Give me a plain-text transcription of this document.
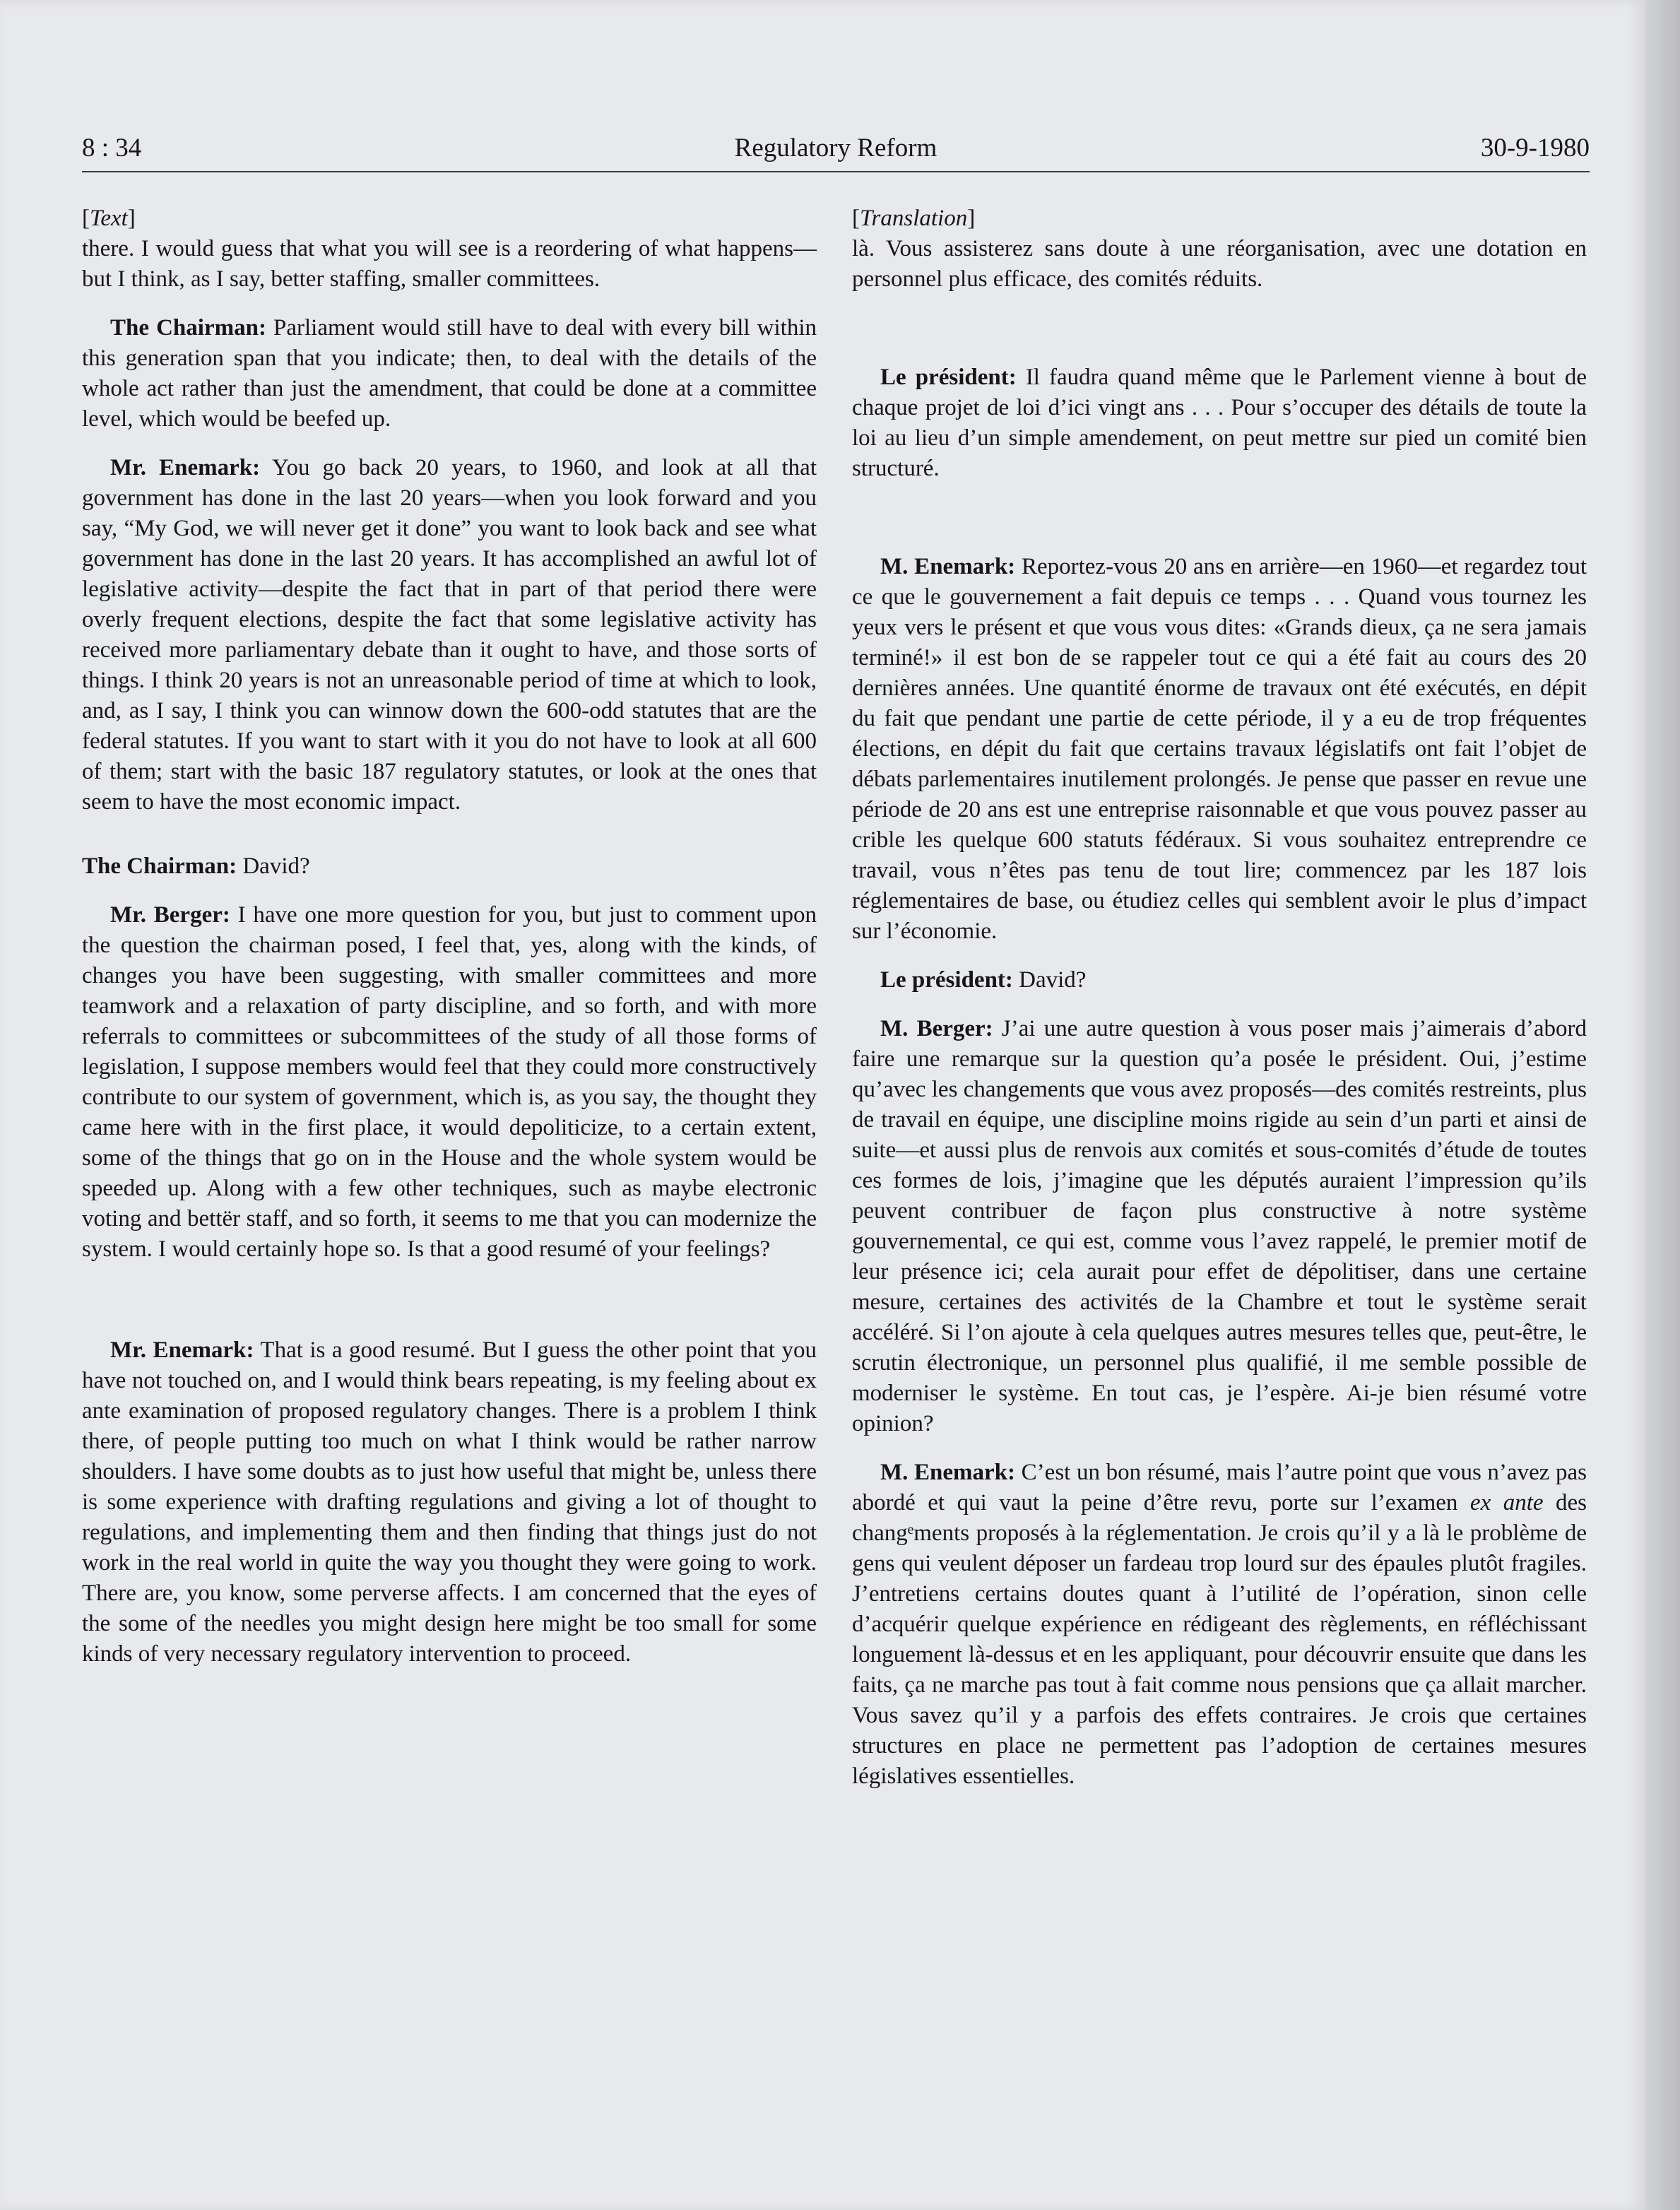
8 : 34	Regulatory Reform	30-9-1980

[Text]

there. I would guess that what you will see is a reordering of what happens—but I think, as I say, better staffing, smaller committees.

The Chairman: Parliament would still have to deal with every bill within this generation span that you indicate; then, to deal with the details of the whole act rather than just the amendment, that could be done at a committee level, which would be beefed up.

Mr. Enemark: You go back 20 years, to 1960, and look at all that government has done in the last 20 years—when you look forward and you say, “My God, we will never get it done” you want to look back and see what government has done in the last 20 years. It has accomplished an awful lot of legislative activity—despite the fact that in part of that period there were overly frequent elections, despite the fact that some legislative activity has received more parliamentary debate than it ought to have, and those sorts of things. I think 20 years is not an unreasonable period of time at which to look, and, as I say, I think you can winnow down the 600-odd statutes that are the federal statutes. If you want to start with it you do not have to look at all 600 of them; start with the basic 187 regulatory statutes, or look at the ones that seem to have the most economic impact.

The Chairman: David?

Mr. Berger: I have one more question for you, but just to comment upon the question the chairman posed, I feel that, yes, along with the kinds, of changes you have been suggesting, with smaller committees and more teamwork and a relaxation of party discipline, and so forth, and with more referrals to committees or subcommittees of the study of all those forms of legislation, I suppose members would feel that they could more constructively contribute to our system of government, which is, as you say, the thought they came here with in the first place, it would depoliticize, to a certain extent, some of the things that go on in the House and the whole system would be speeded up. Along with a few other techniques, such as maybe electronic voting and bettër staff, and so forth, it seems to me that you can modernize the system. I would certainly hope so. Is that a good resumé of your feelings?

Mr. Enemark: That is a good resumé. But I guess the other point that you have not touched on, and I would think bears repeating, is my feeling about ex ante examination of proposed regulatory changes. There is a problem I think there, of people putting too much on what I think would be rather narrow shoulders. I have some doubts as to just how useful that might be, unless there is some experience with drafting regulations and giving a lot of thought to regulations, and implementing them and then finding that things just do not work in the real world in quite the way you thought they were going to work. There are, you know, some perverse affects. I am concerned that the eyes of the some of the needles you might design here might be too small for some kinds of very necessary regulatory intervention to proceed.

[Translation]

là. Vous assisterez sans doute à une réorganisation, avec une dotation en personnel plus efficace, des comités réduits.

Le président: Il faudra quand même que le Parlement vienne à bout de chaque projet de loi d’ici vingt ans . . . Pour s’occuper des détails de toute la loi au lieu d’un simple amendement, on peut mettre sur pied un comité bien structuré.

M. Enemark: Reportez-vous 20 ans en arrière—en 1960—et regardez tout ce que le gouvernement a fait depuis ce temps . . . Quand vous tournez les yeux vers le présent et que vous vous dites: «Grands dieux, ça ne sera jamais terminé!» il est bon de se rappeler tout ce qui a été fait au cours des 20 dernières années. Une quantité énorme de travaux ont été exécutés, en dépit du fait que pendant une partie de cette période, il y a eu de trop fréquentes élections, en dépit du fait que certains travaux législatifs ont fait l’objet de débats parlementaires inutilement prolongés. Je pense que passer en revue une période de 20 ans est une entreprise raisonnable et que vous pouvez passer au crible les quelque 600 statuts fédéraux. Si vous souhaitez entreprendre ce travail, vous n’êtes pas tenu de tout lire; commencez par les 187 lois réglementaires de base, ou étudiez celles qui semblent avoir le plus d’impact sur l’économie.

Le président: David?

M. Berger: J’ai une autre question à vous poser mais j’aimerais d’abord faire une remarque sur la question qu’a posée le président. Oui, j’estime qu’avec les changements que vous avez proposés—des comités restreints, plus de travail en équipe, une discipline moins rigide au sein d’un parti et ainsi de suite—et aussi plus de renvois aux comités et sous-comités d’étude de toutes ces formes de lois, j’imagine que les députés auraient l’impression qu’ils peuvent contribuer de façon plus constructive à notre système gouvernemental, ce qui est, comme vous l’avez rappelé, le premier motif de leur présence ici; cela aurait pour effet de dépolitiser, dans une certaine mesure, certaines des activités de la Chambre et tout le système serait accéléré. Si l’on ajoute à cela quelques autres mesures telles que, peut-être, le scrutin électronique, un personnel plus qualifié, il me semble possible de moderniser le système. En tout cas, je l’espère. Ai-je bien résumé votre opinion?

M. Enemark: C’est un bon résumé, mais l’autre point que vous n’avez pas abordé et qui vaut la peine d’être revu, porte sur l’examen ex ante des changᵉments proposés à la réglementation. Je crois qu’il y a là le problème de gens qui veulent déposer un fardeau trop lourd sur des épaules plutôt fragiles. J’entretiens certains doutes quant à l’utilité de l’opération, sinon celle d’acquérir quelque expérience en rédigeant des règlements, en réfléchissant longuement là-dessus et en les appliquant, pour découvrir ensuite que dans les faits, ça ne marche pas tout à fait comme nous pensions que ça allait marcher. Vous savez qu’il y a parfois des effets contraires. Je crois que certaines structures en place ne permettent pas l’adoption de certaines mesures législatives essentielles.
